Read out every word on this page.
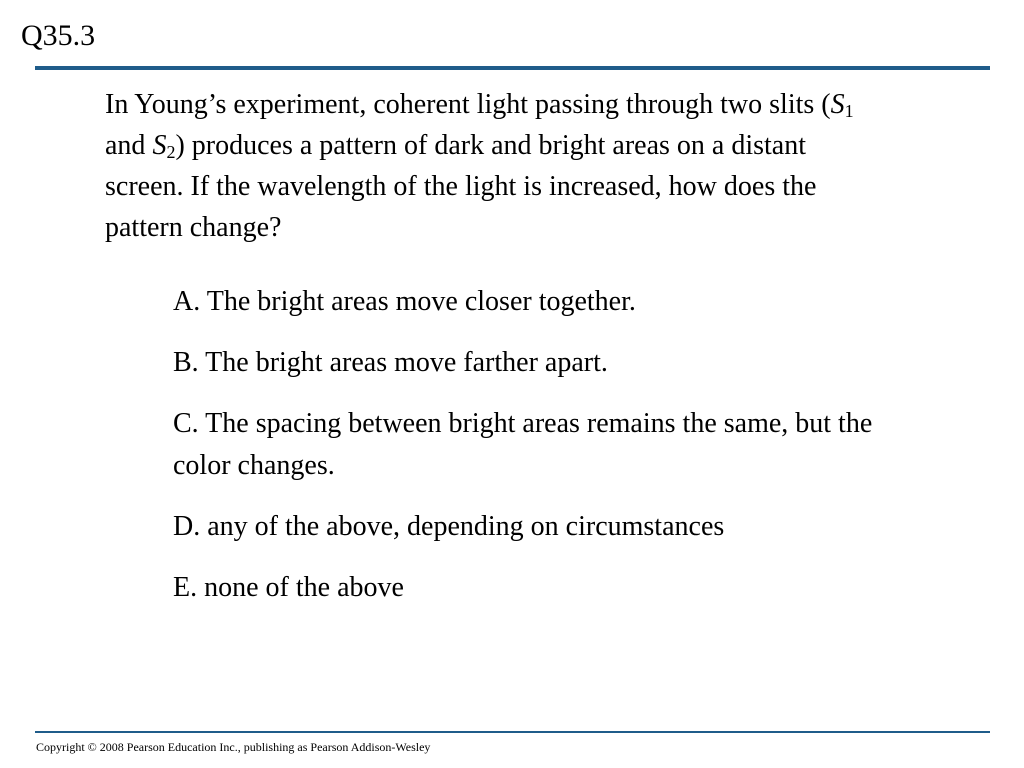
Q35.3

In Young’s experiment, coherent light passing through two slits ($S_1$ and $S_2$) produces a pattern of dark and bright areas on a distant screen. If the wavelength of the light is increased, how does the pattern change?

A. The bright areas move closer together.
B. The bright areas move farther apart.
C. The spacing between bright areas remains the same, but the color changes.
D. any of the above, depending on circumstances
E. none of the above
Copyright © 2008 Pearson Education Inc., publishing as Pearson Addison-Wesley
